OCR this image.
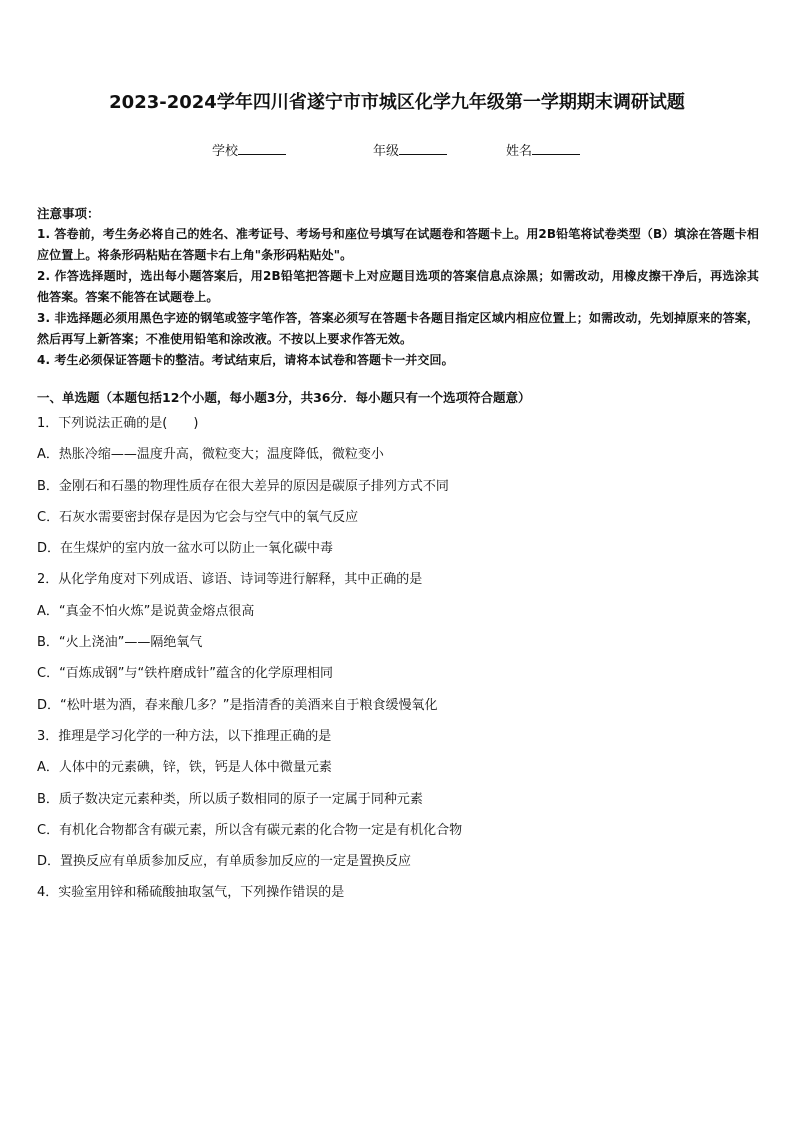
2023-2024学年四川省遂宁市市城区化学九年级第一学期期末调研试题
学校	年级	姓名
注意事项：

1. 答卷前，考生务必将自己的姓名、准考证号、考场号和座位号填写在试题卷和答题卡上。用2B铅笔将试卷类型（B）填涂在答题卡相应位置上。将条形码粘贴在答题卡右上角"条形码粘贴处"。

2. 作答选择题时，选出每小题答案后，用2B铅笔把答题卡上对应题目选项的答案信息点涂黑；如需改动，用橡皮擦干净后，再选涂其他答案。答案不能答在试题卷上。

3. 非选择题必须用黑色字迹的钢笔或签字笔作答，答案必须写在答题卡各题目指定区域内相应位置上；如需改动，先划掉原来的答案，然后再写上新答案；不准使用铅笔和涂改液。不按以上要求作答无效。

4. 考生必须保证答题卡的整洁。考试结束后，请将本试卷和答题卡一并交回。

一、单选题（本题包括12个小题，每小题3分，共36分．每小题只有一个选项符合题意）
1．下列说法正确的是(　　)
A．热胀冷缩——温度升高，微粒变大；温度降低，微粒变小
B．金刚石和石墨的物理性质存在很大差异的原因是碳原子排列方式不同
C．石灰水需要密封保存是因为它会与空气中的氧气反应
D．在生煤炉的室内放一盆水可以防止一氧化碳中毒
2．从化学角度对下列成语、谚语、诗词等进行解释，其中正确的是
A．“真金不怕火炼”是说黄金熔点很高
B．“火上浇油”——隔绝氧气
C．“百炼成钢”与“铁杵磨成针”蕴含的化学原理相同
D．“松叶堪为酒，春来酿几多？”是指清香的美酒来自于粮食缓慢氧化
3．推理是学习化学的一种方法，以下推理正确的是
A．人体中的元素碘，锌，铁，钙是人体中微量元素
B．质子数决定元素种类，所以质子数相同的原子一定属于同种元素
C．有机化合物都含有碳元素，所以含有碳元素的化合物一定是有机化合物
D．置换反应有单质参加反应，有单质参加反应的一定是置换反应
4．实验室用锌和稀硫酸抽取氢气，下列操作错误的是
